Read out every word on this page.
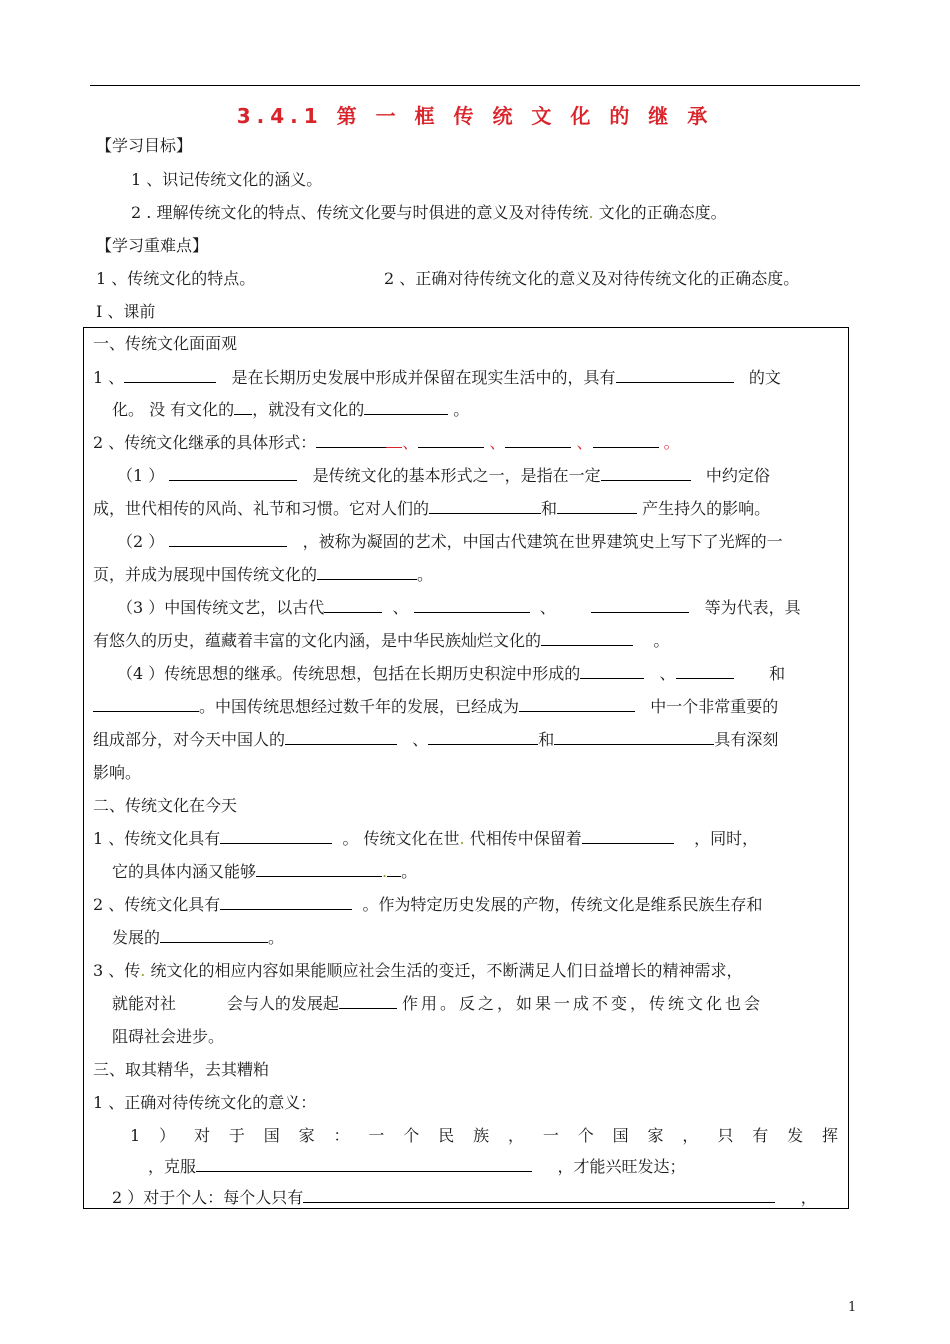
3.4.1 第 一 框 传 统 文 化 的 继 承
【学习目标】
1 、识记传统文化的涵义。
2 . 理解传统文化的特点、传统文化要与时俱进的意义及对待传统. 文化的正确态度。
【学习重难点】
1 、传统文化的特点。	2 、正确对待传统文化的意义及对待传统文化的正确态度。
Ⅰ 、课前
一、传统文化面面观
1 、	是在长期历史发展中形成并保留在现实生活中的，具有	的文
化。 没 有文化的 ，就没有文化的	。
2 、传统文化继承的具体形式：	、	、	、	。
（1 ）	是传统文化的基本形式之一，是指在一定	中约定俗
成，世代相传的风尚、礼节和习惯。它对人们的	和	产生持久的影响。
（2 ）	，被称为凝固的艺术，中国古代建筑在世界建筑史上写下了光辉的一
页，并成为展现中国传统文化的	。
（3 ）中国传统文艺，以古代	、	、	等为代表，具
有悠久的历史，蕴藏着丰富的文化内涵，是中华民族灿烂文化的	。
（4 ）传统思想的继承。传统思想，包括在长期历史积淀中形成的	、	和
。中国传统思想经过数千年的发展，已经成为	中一个非常重要的
组成部分，对今天中国人的	、	和	具有深刻
影响。
二、传统文化在今天
1 、传统文化具有	。 传统文化在世. 代相传中保留着	，同时，
它的具体内涵又能够	. 。
2 、传统文化具有	。作为特定历史发展的产物，传统文化是维系民族生存和
发展的	。
3 、传. 统文化的相应内容如果能顺应社会生活的变迁，不断满足人们日益增长的精神需求，
就能对社	会与人的发展起	作用。反之，如果一成不变，传统文化也会
阻碍社会进步。
三、取其精华，去其糟粕
1 、正确对待传统文化的意义：
1 ） 对 于 国 家 ： 一 个 民 族 ， 一 个 国 家 ， 只 有 发 挥
，克服	，才能兴旺发达；
2 ）对于个人：每个人只有	，
1
